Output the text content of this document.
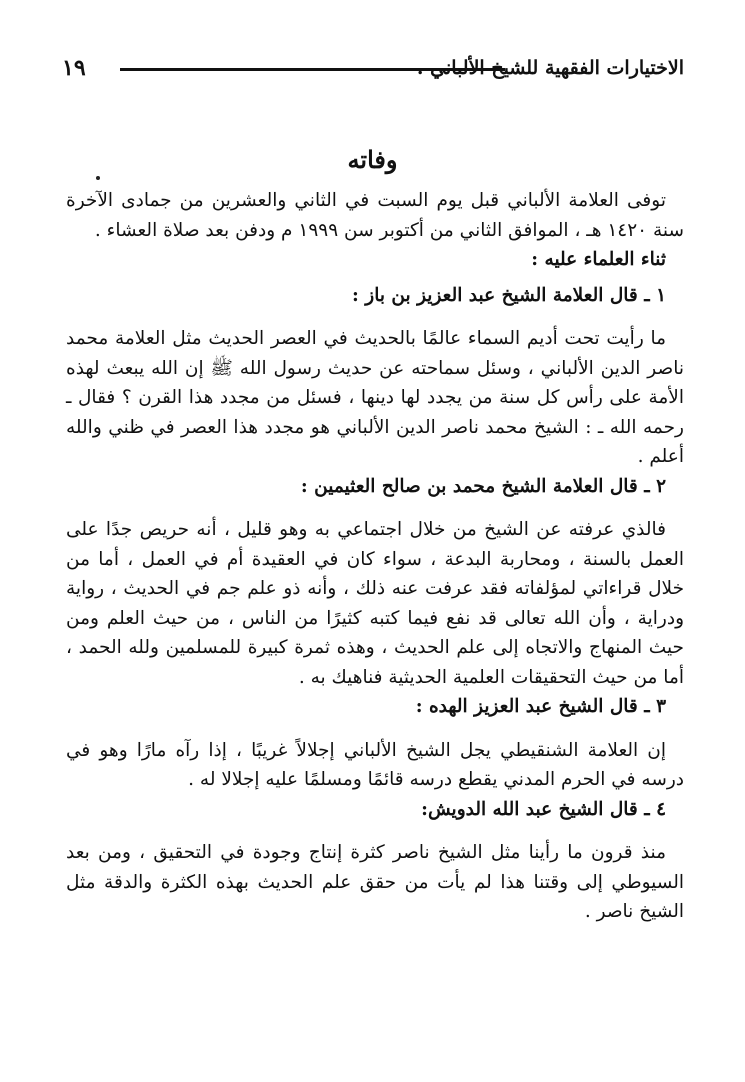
١٩	الاختيارات الفقهية للشيخ الألباني .
وفاته

توفى العلامة الألباني قبل يوم السبت في الثاني والعشرين من جمادى الآخرة سنة ١٤٢٠ هـ ، الموافق الثاني من أكتوبر سن ١٩٩٩ م ودفن بعد صلاة العشاء .

ثناء العلماء عليه :

١ ـ قال العلامة الشيخ عبد العزيز بن باز :

ما رأيت تحت أديم السماء عالمًا بالحديث في العصر الحديث مثل العلامة محمد ناصر الدين الألباني ، وسئل سماحته عن حديث رسول الله ﷺ إن الله يبعث لهذه الأمة على رأس كل سنة من يجدد لها دينها ، فسئل من مجدد هذا القرن ؟ فقال ـ رحمه الله ـ : الشيخ محمد ناصر الدين الألباني هو مجدد هذا العصر في ظني والله أعلم .

٢ ـ قال العلامة الشيخ محمد بن صالح العثيمين :

فالذي عرفته عن الشيخ من خلال اجتماعي به وهو قليل ، أنه حريص جدًا على العمل بالسنة ، ومحاربة البدعة ، سواء كان في العقيدة أم في العمل ، أما من خلال قراءاتي لمؤلفاته فقد عرفت عنه ذلك ، وأنه ذو علم جم في الحديث ، رواية ودراية ، وأن الله تعالى قد نفع فيما كتبه كثيرًا من الناس ، من حيث العلم ومن حيث المنهاج والاتجاه إلى علم الحديث ، وهذه ثمرة كبيرة للمسلمين ولله الحمد ، أما من حيث التحقيقات العلمية الحديثية فناهيك به .

٣ ـ قال الشيخ عبد العزيز الهده :

إن العلامة الشنقيطي يجل الشيخ الألباني إجلالاً غريبًا ، إذا رآه مارًا وهو في درسه في الحرم المدني يقطع درسه قائمًا ومسلمًا عليه إجلالا له .

٤ ـ قال الشيخ عبد الله الدويش:

منذ قرون ما رأينا مثل الشيخ ناصر كثرة إنتاج وجودة في التحقيق ، ومن بعد السيوطي إلى وقتنا هذا لم يأت من حقق علم الحديث بهذه الكثرة والدقة مثل الشيخ ناصر .
